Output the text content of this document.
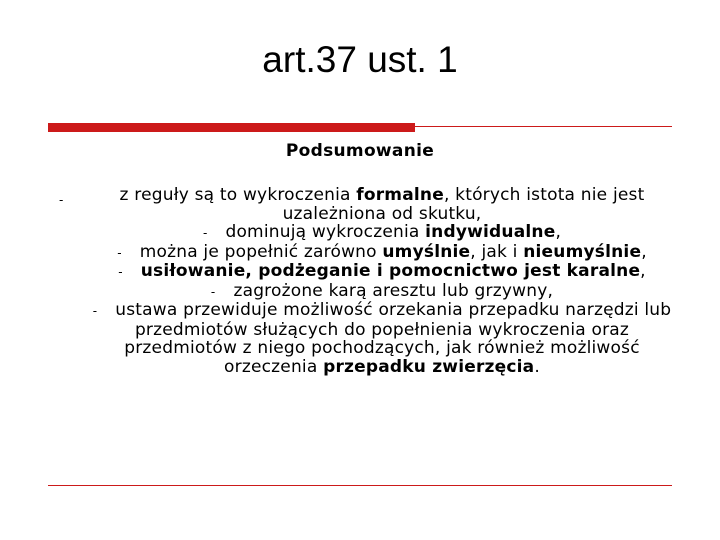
art.37 ust. 1
Podsumowanie
-	z reguły są to wykroczenia formalne, których istota nie jest uzależniona od skutku,

- dominują wykroczenia indywidualne,

- można je popełnić zarówno umyślnie, jak i nieumyślnie,

- usiłowanie, podżeganie i pomocnictwo jest karalne,

- zagrożone karą aresztu lub grzywny,

- ustawa przewiduje możliwość orzekania przepadku narzędzi lub przedmiotów służących do popełnienia wykroczenia oraz przedmiotów z niego pochodzących, jak również możliwość orzeczenia przepadku zwierzęcia.
